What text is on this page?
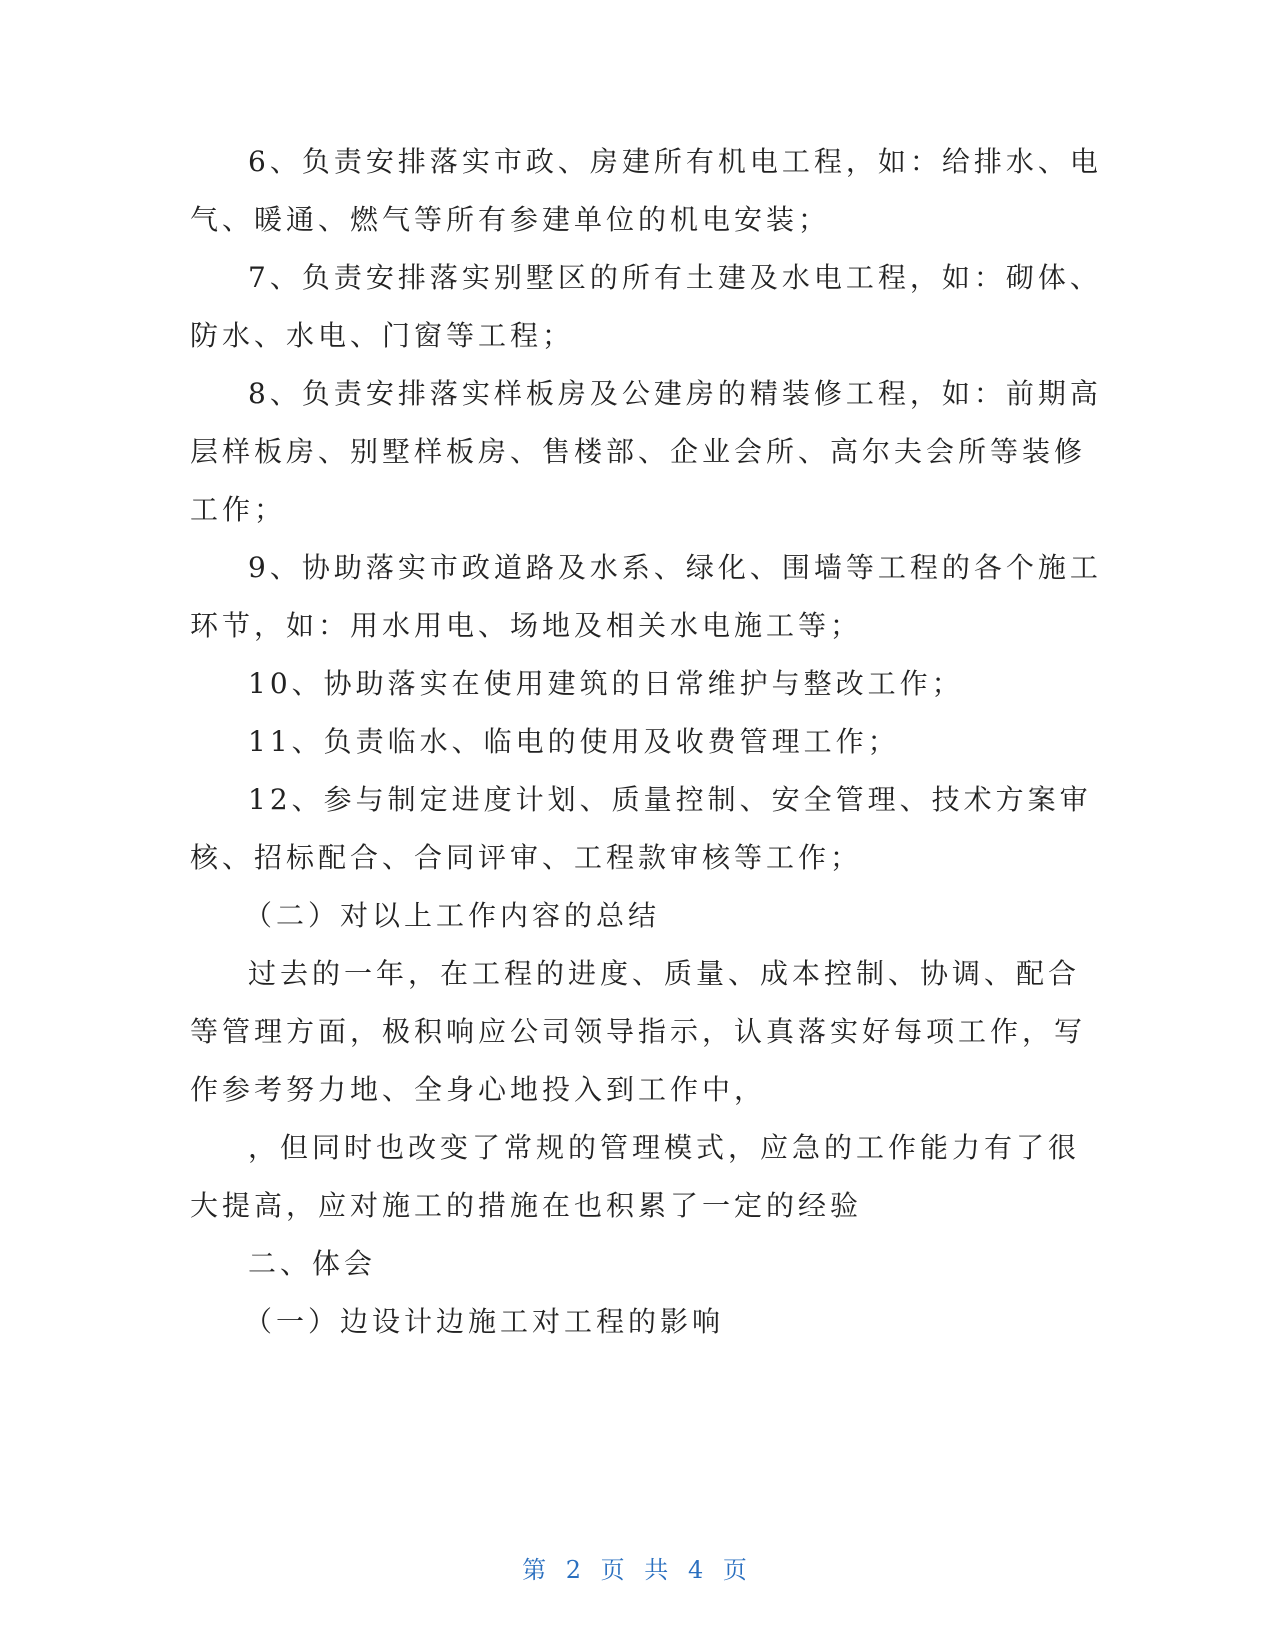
6、负责安排落实市政、房建所有机电工程，如：给排水、电
气、暖通、燃气等所有参建单位的机电安装；
7、负责安排落实别墅区的所有土建及水电工程，如：砌体、
防水、水电、门窗等工程；
8、负责安排落实样板房及公建房的精装修工程，如：前期高
层样板房、别墅样板房、售楼部、企业会所、高尔夫会所等装修
工作；
9、协助落实市政道路及水系、绿化、围墙等工程的各个施工
环节，如：用水用电、场地及相关水电施工等；
10、协助落实在使用建筑的日常维护与整改工作；
11、负责临水、临电的使用及收费管理工作；
12、参与制定进度计划、质量控制、安全管理、技术方案审
核、招标配合、合同评审、工程款审核等工作；
（二）对以上工作内容的总结
过去的一年，在工程的进度、质量、成本控制、协调、配合
等管理方面，极积响应公司领导指示，认真落实好每项工作，写
作参考努力地、全身心地投入到工作中，
，但同时也改变了常规的管理模式，应急的工作能力有了很
大提高，应对施工的措施在也积累了一定的经验
二、体会
（一）边设计边施工对工程的影响
第 2 页 共 4 页
